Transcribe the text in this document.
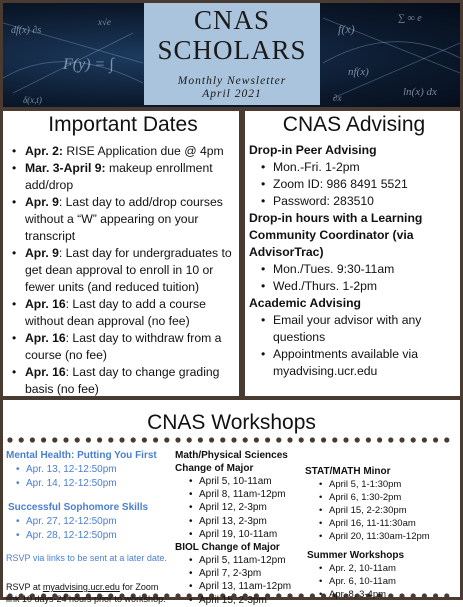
F(y) = ∫
df(x) ∂s
x√e
δ(x,t)
f(x)
∑ ∞ e
nf(x)
ln(x) dx
∂x
CNAS
SCHOLARS
Monthly Newsletter
April 2021
Important Dates
• Apr. 2: RISE Application due @ 4pm
• Mar. 3-April 9: makeup enrollment add/drop
• Apr. 9: Last day to add/drop courses without a “W” appearing on your transcript
• Apr. 9: Last day for undergraduates to get dean approval to enroll in 10 or fewer units (and reduced tuition)
• Apr. 16: Last day to add a course without dean approval (no fee)
• Apr. 16: Last day to withdraw from a course (no fee)
• Apr. 16: Last day to change grading basis (no fee)
CNAS Advising
Drop-in Peer Advising
• Mon.-Fri. 1-2pm
• Zoom ID: 986 8491 5521
• Password: 283510
Drop-in hours with a Learning Community Coordinator (via AdvisorTrac)
• Mon./Tues. 9:30-11am
• Wed./Thurs. 1-2pm
Academic Advising
• Email your advisor with any questions
• Appointments available via myadvising.ucr.edu
CNAS Workshops
Mental Health: Putting You First
• Apr. 13, 12-12:50pm
• Apr. 14, 12-12:50pm
Successful Sophomore Skills
• Apr. 27, 12-12:50pm
• Apr. 28, 12-12:50pm
RSVP via links to be sent at a later date.
RSVP at myadvising.ucr.edu for Zoom link 10 days-24 hours prior to workshop.
Math/Physical Sciences Change of Major
• April 5, 10-11am
• April 8, 11am-12pm
• April 12, 2-3pm
• April 13, 2-3pm
• April 19, 10-11am
BIOL Change of Major
• April 5, 11am-12pm
• April 7, 2-3pm
• April 13, 11am-12pm
• April 15, 2-3pm
STAT/MATH Minor
• April 5, 1-1:30pm
• April 6, 1:30-2pm
• April 15, 2-2:30pm
• April 16, 11-11:30am
• April 20, 11:30am-12pm
Summer Workshops
• Apr. 2, 10-11am
• Apr. 6, 10-11am
• Apr. 8, 3-4pm
